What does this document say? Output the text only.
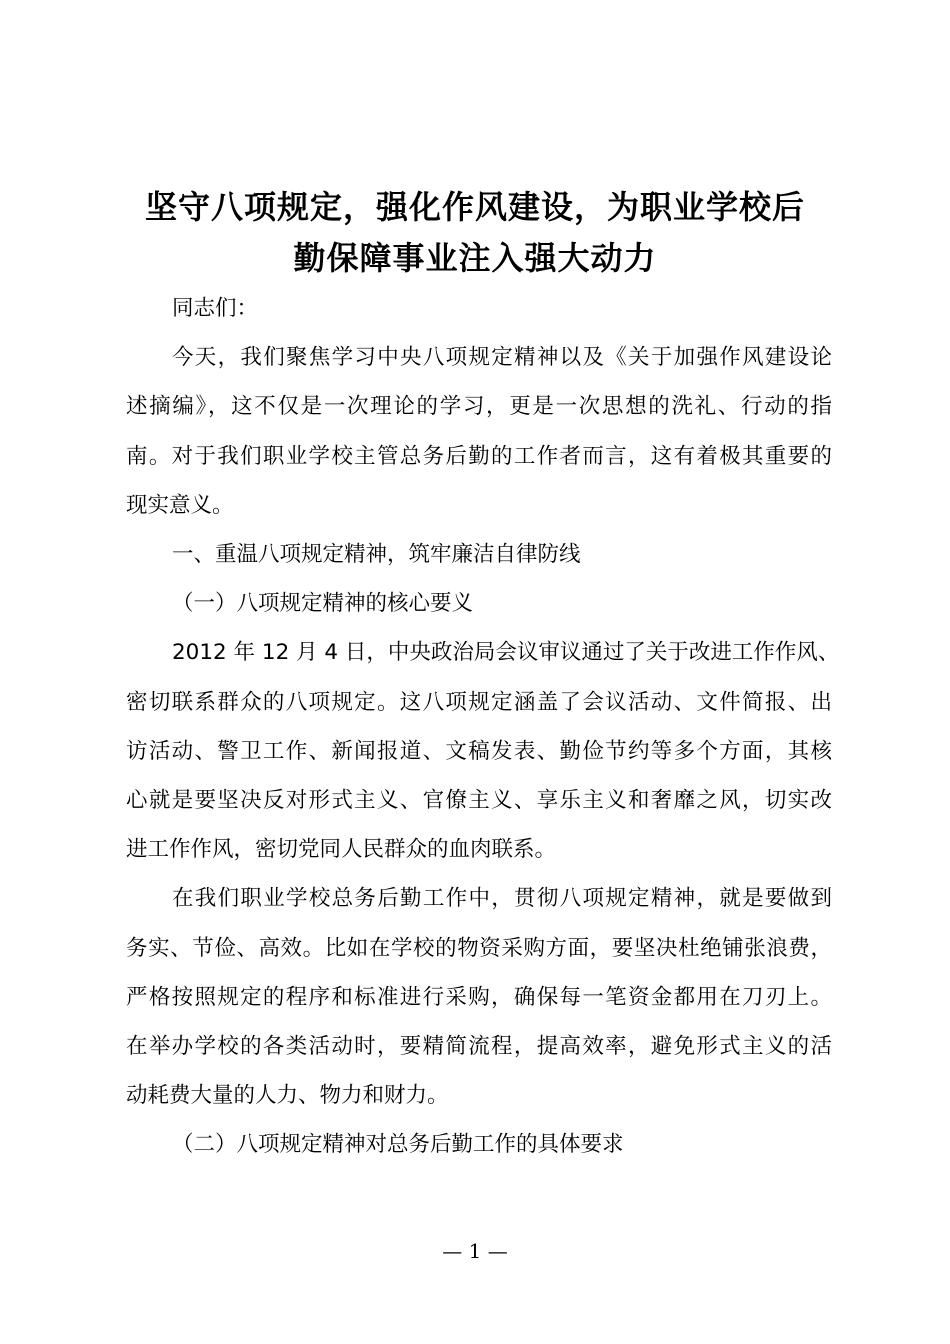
坚守八项规定，强化作风建设，为职业学校后
勤保障事业注入强大动力
同志们：
今天，我们聚焦学习中央八项规定精神以及《关于加强作风建设论
述摘编》，这不仅是一次理论的学习，更是一次思想的洗礼、行动的指
南。对于我们职业学校主管总务后勤的工作者而言，这有着极其重要的
现实意义。
一、重温八项规定精神，筑牢廉洁自律防线
（一）八项规定精神的核心要义
2012 年 12 月 4 日，中央政治局会议审议通过了关于改进工作作风、
密切联系群众的八项规定。这八项规定涵盖了会议活动、文件简报、出
访活动、警卫工作、新闻报道、文稿发表、勤俭节约等多个方面，其核
心就是要坚决反对形式主义、官僚主义、享乐主义和奢靡之风，切实改
进工作作风，密切党同人民群众的血肉联系。
在我们职业学校总务后勤工作中，贯彻八项规定精神，就是要做到
务实、节俭、高效。比如在学校的物资采购方面，要坚决杜绝铺张浪费，
严格按照规定的程序和标准进行采购，确保每一笔资金都用在刀刃上。
在举办学校的各类活动时，要精简流程，提高效率，避免形式主义的活
动耗费大量的人力、物力和财力。
（二）八项规定精神对总务后勤工作的具体要求
— 1 —
